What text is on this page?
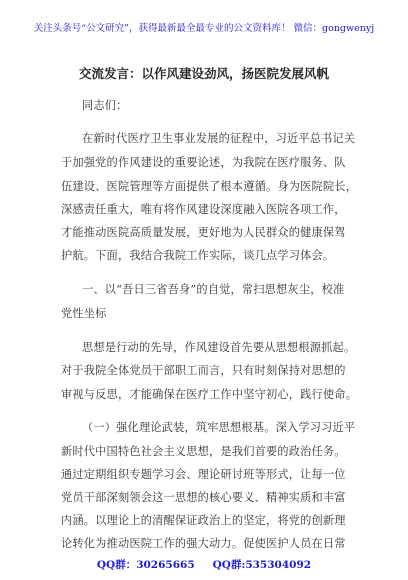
关注头条号“公文研究”，获得最新最全最专业的公文资料库！ 微信：gongwenyj
交流发言：以作风建设劲风，扬医院发展风帆
同志们：
在新时代医疗卫生事业发展的征程中，习近平总书记关
于加强党的作风建设的重要论述，为我院在医疗服务、队
伍建设、医院管理等方面提供了根本遵循。身为医院院长，
深感责任重大，唯有将作风建设深度融入医院各项工作，
才能推动医院高质量发展，更好地为人民群众的健康保驾
护航。下面，我结合我院工作实际，谈几点学习体会。
一、以“吾日三省吾身”的自觉，常扫思想灰尘，校准
党性坐标
思想是行动的先导，作风建设首先要从思想根源抓起。
对于我院全体党员干部职工而言，只有时刻保持对思想的
审视与反思，才能确保在医疗工作中坚守初心，践行使命。
（一）强化理论武装，筑牢思想根基。深入学习习近平
新时代中国特色社会主义思想，是我们首要的政治任务。
通过定期组织专题学习会、理论研讨班等形式，让每一位
党员干部深刻领会这一思想的核心要义、精神实质和丰富
内涵。以理论上的清醒保证政治上的坚定，将党的创新理
论转化为推动医院工作的强大动力。促使医护人员在日常
QQ群：30265665 QQ群:535304092
